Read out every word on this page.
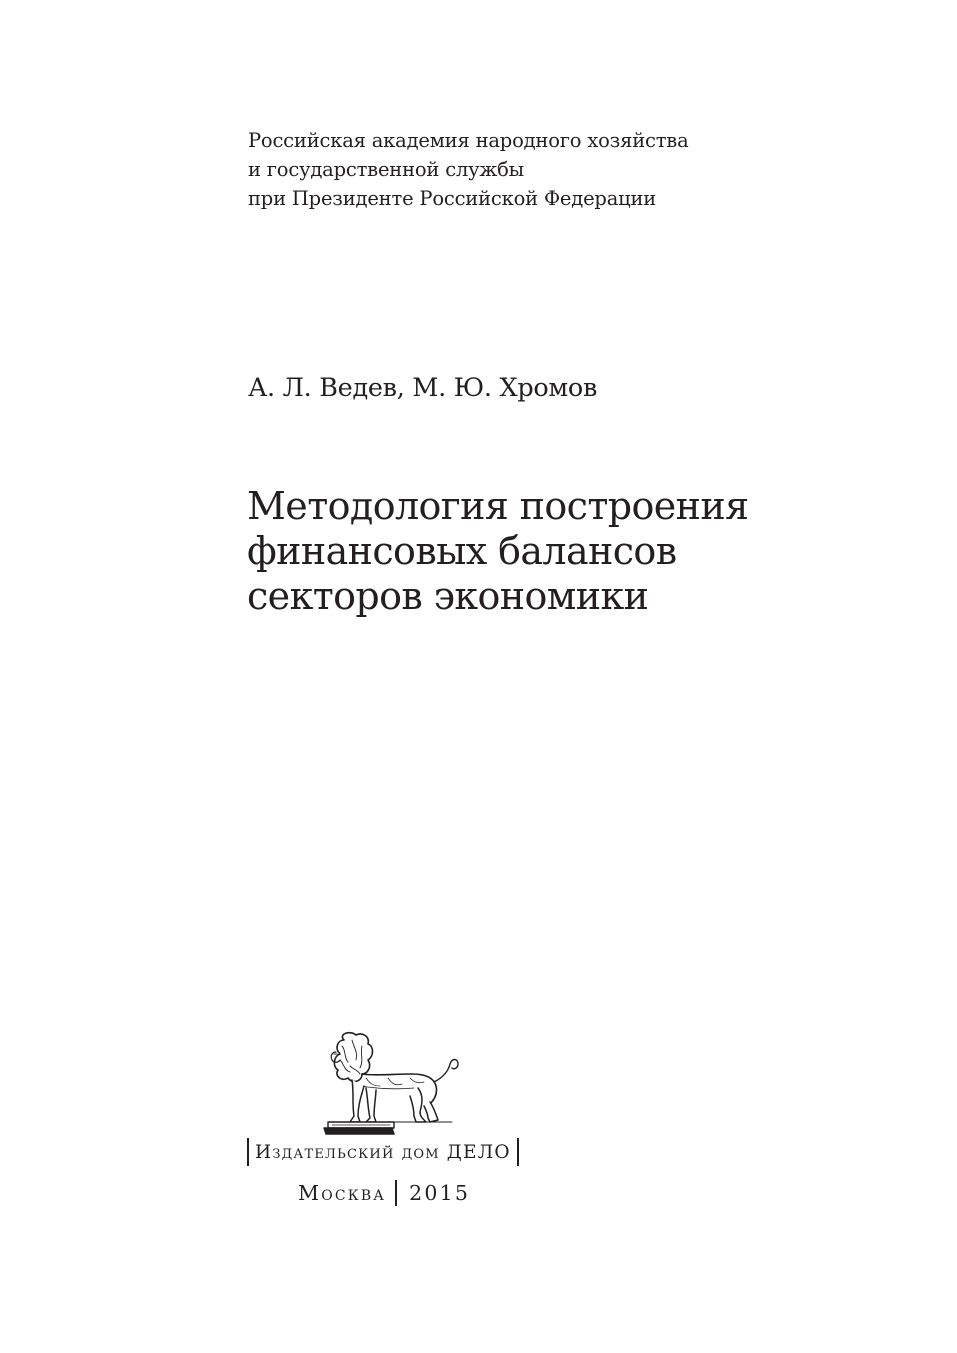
Российская академия народного хозяйства
и государственной службы
при Президенте Российской Федерации
А. Л. Ведев, М. Ю. Хромов
Методология построения
финансовых балансов
секторов экономики
Издательский дом ДЕЛО
Москва 2015
